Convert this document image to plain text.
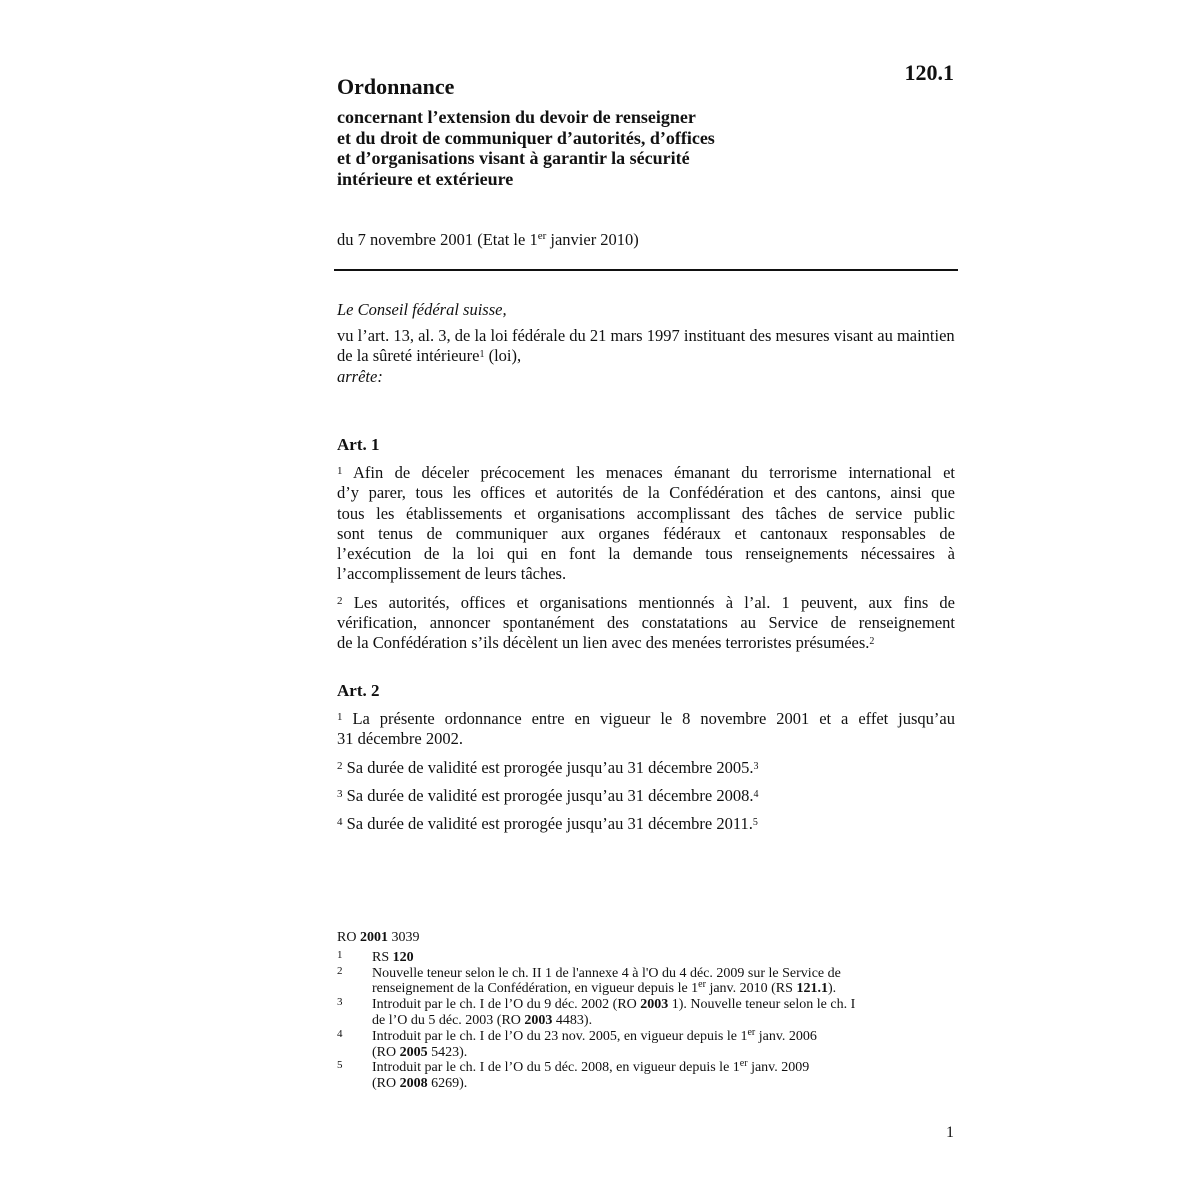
120.1
Ordonnance
concernant l’extension du devoir de renseigner
et du droit de communiquer d’autorités, d’offices
et d’organisations visant à garantir la sécurité
intérieure et extérieure
du 7 novembre 2001 (Etat le 1er janvier 2010)

Le Conseil fédéral suisse,

vu l’art. 13, al. 3, de la loi fédérale du 21 mars 1997 instituant des mesures visant au maintien de la sûreté intérieure$^1$ (loi),

arrête:

Art. 1

$^1$ Afin de déceler précocement les menaces émanant du terrorisme international et
d’y parer, tous les offices et autorités de la Confédération et des cantons, ainsi que
tous les établissements et organisations accomplissant des tâches de service public
sont tenus de communiquer aux organes fédéraux et cantonaux responsables de
l’exécution de la loi qui en font la demande tous renseignements nécessaires à
l’accomplissement de leurs tâches.

$^2$ Les autorités, offices et organisations mentionnés à l’al. 1 peuvent, aux fins de
vérification, annoncer spontanément des constatations au Service de renseignement
de la Confédération s’ils décèlent un lien avec des menées terroristes présumées.$^2$

Art. 2

$^1$ La présente ordonnance entre en vigueur le 8 novembre 2001 et a effet jusqu’au
31 décembre 2002.

$^2$ Sa durée de validité est prorogée jusqu’au 31 décembre 2005.$^3$

$^3$ Sa durée de validité est prorogée jusqu’au 31 décembre 2008.$^4$

$^4$ Sa durée de validité est prorogée jusqu’au 31 décembre 2011.$^5$

RO 2001 3039

1 RS 120
2 Nouvelle teneur selon le ch. II 1 de l'annexe 4 à l'O du 4 déc. 2009 sur le Service de
renseignement de la Confédération, en vigueur depuis le 1er janv. 2010 (RS 121.1).
3 Introduit par le ch. I de l’O du 9 déc. 2002 (RO 2003 1). Nouvelle teneur selon le ch. I
de l’O du 5 déc. 2003 (RO 2003 4483).
4 Introduit par le ch. I de l’O du 23 nov. 2005, en vigueur depuis le 1er janv. 2006
(RO 2005 5423).
5 Introduit par le ch. I de l’O du 5 déc. 2008, en vigueur depuis le 1er janv. 2009
(RO 2008 6269).
1
